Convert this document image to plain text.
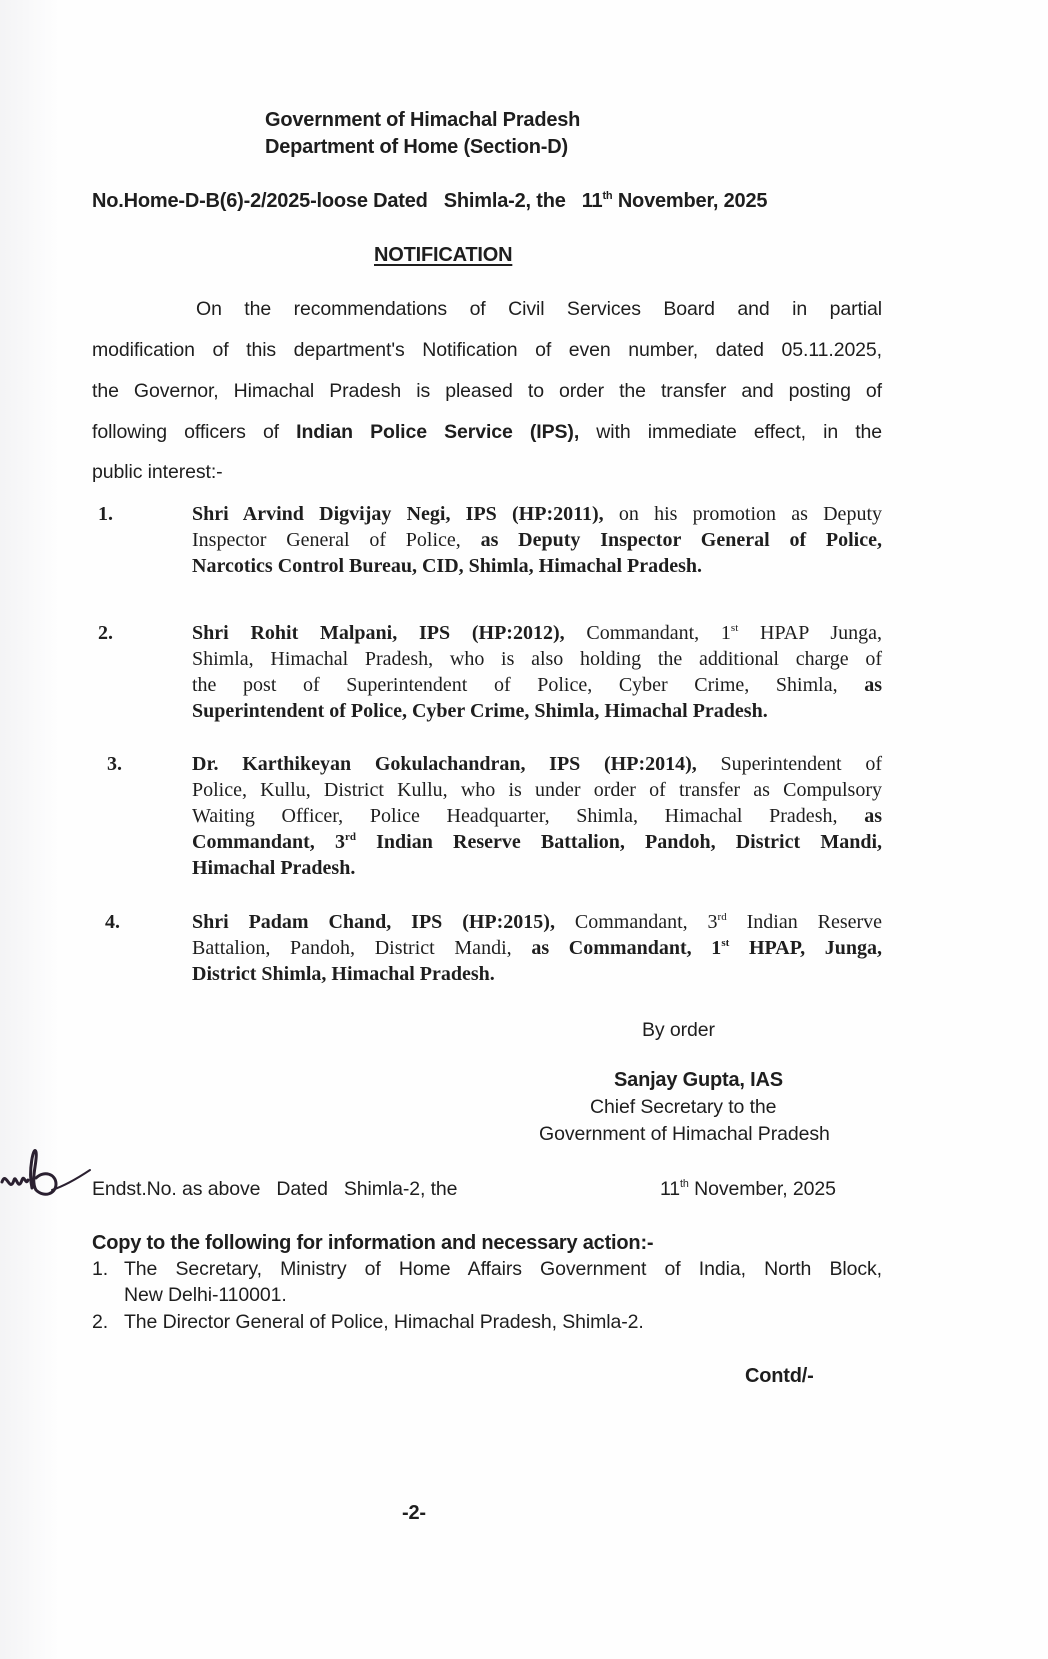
Government of Himachal Pradesh
Department of Home (Section-D)
No.Home-D-B(6)-2/2025-loose Dated Shimla-2, the 11th November, 2025
NOTIFICATION
On the recommendations of Civil Services Board and in partial
modification of this department's Notification of even number, dated 05.11.2025,
the Governor, Himachal Pradesh is pleased to order the transfer and posting of
following officers of Indian Police Service (IPS), with immediate effect, in the
public interest:-
1.	Shri Arvind Digvijay Negi, IPS (HP:2011), on his promotion as Deputy
Inspector General of Police, as Deputy Inspector General of Police,
Narcotics Control Bureau, CID, Shimla, Himachal Pradesh.
2.	Shri Rohit Malpani, IPS (HP:2012), Commandant, 1st HPAP Junga,
Shimla, Himachal Pradesh, who is also holding the additional charge of
the post of Superintendent of Police, Cyber Crime, Shimla, as
Superintendent of Police, Cyber Crime, Shimla, Himachal Pradesh.
3.	Dr. Karthikeyan Gokulachandran, IPS (HP:2014), Superintendent of
Police, Kullu, District Kullu, who is under order of transfer as Compulsory
Waiting Officer, Police Headquarter, Shimla, Himachal Pradesh, as
Commandant, 3rd Indian Reserve Battalion, Pandoh, District Mandi,
Himachal Pradesh.
4.	Shri Padam Chand, IPS (HP:2015), Commandant, 3rd Indian Reserve
Battalion, Pandoh, District Mandi, as Commandant, 1st HPAP, Junga,
District Shimla, Himachal Pradesh.
By order
Sanjay Gupta, IAS
Chief Secretary to the
Government of Himachal Pradesh
Endst.No. as above   Dated   Shimla-2, the	11th November, 2025
Copy to the following for information and necessary action:-
1. The Secretary, Ministry of Home Affairs Government of India, North Block,
New Delhi-110001.
2. The Director General of Police, Himachal Pradesh, Shimla-2.
Contd/-
-2-
